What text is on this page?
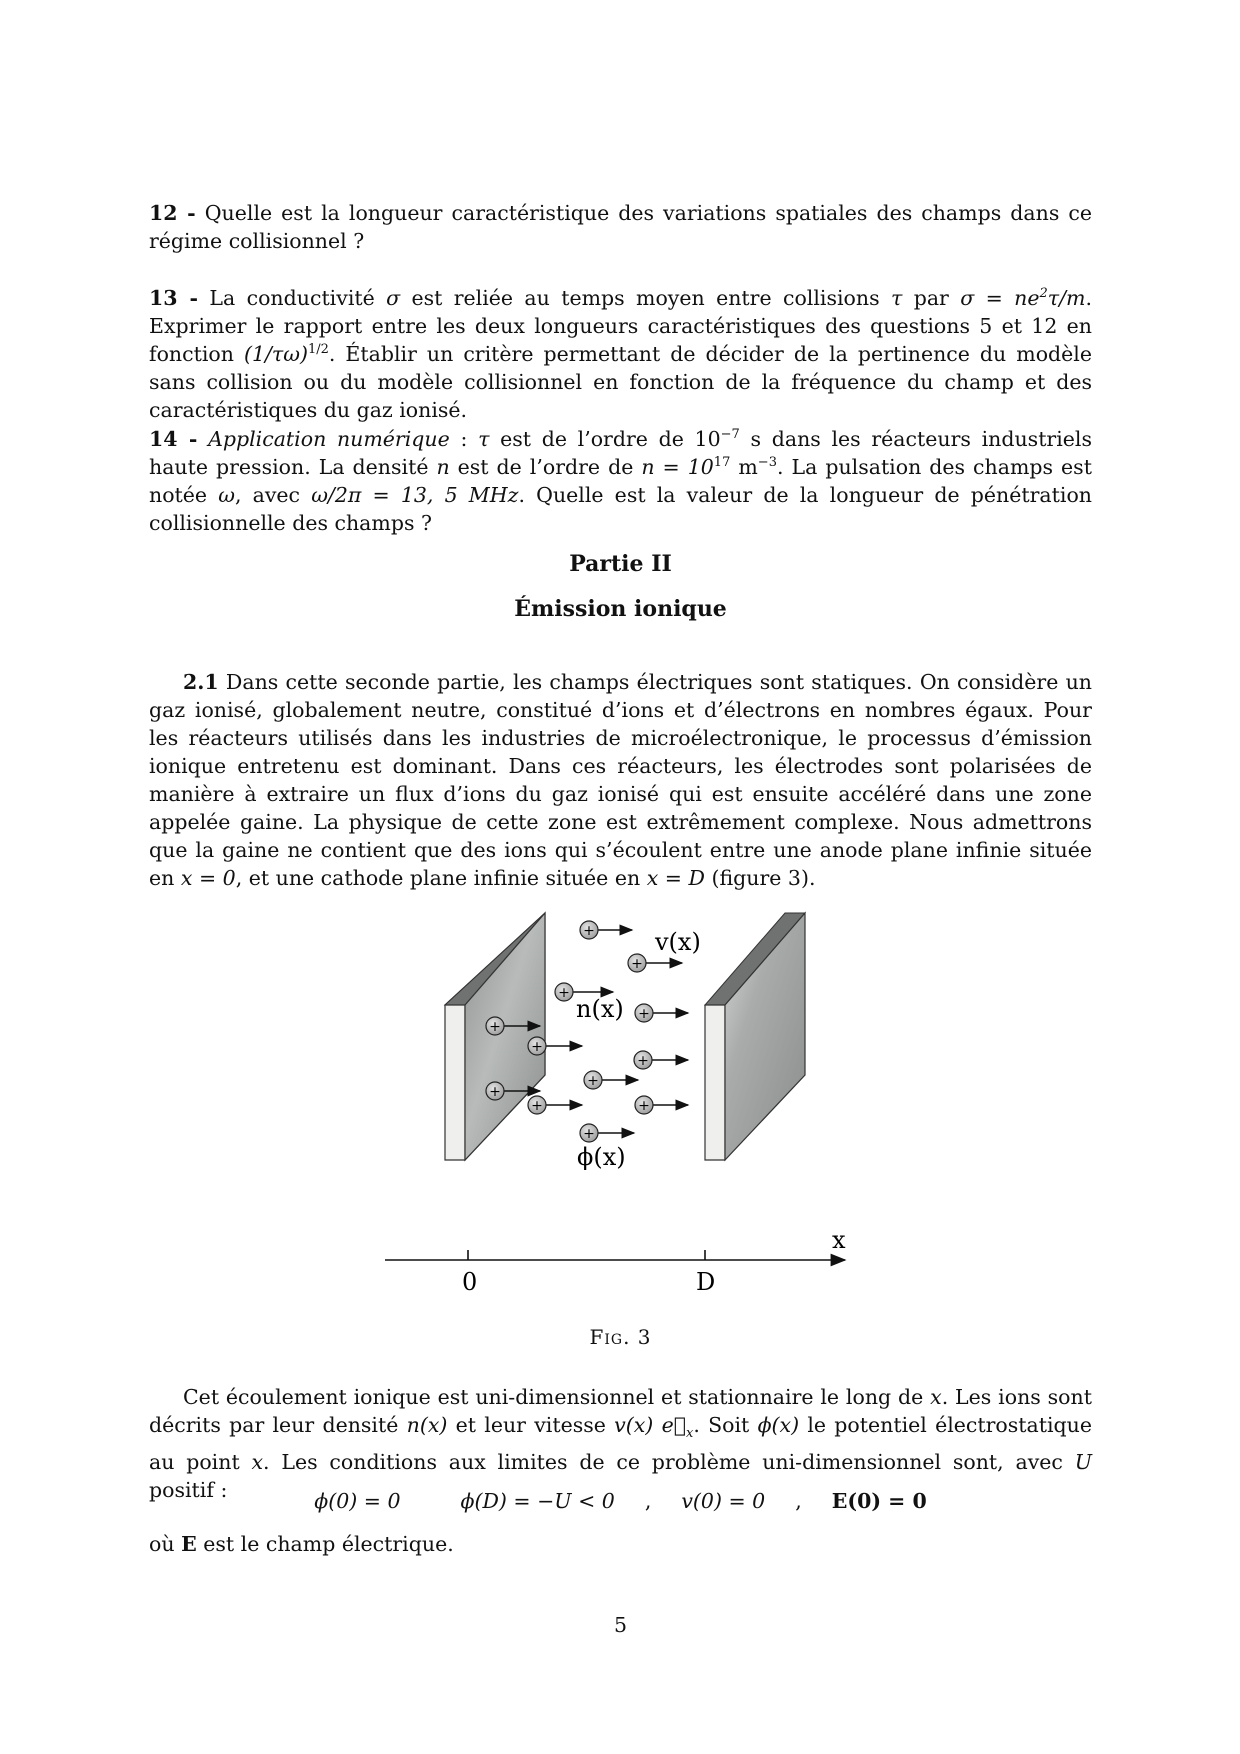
12 - Quelle est la longueur caractéristique des variations spatiales des champs dans ce régime collisionnel ?

13 - La conductivité σ est reliée au temps moyen entre collisions τ par $\sigma = ne^2\tau/m$. Exprimer le rapport entre les deux longueurs caractéristiques des questions 5 et 12 en fonction $(1/\tau\omega)^{1/2}$. Établir un critère permettant de décider de la pertinence du modèle sans collision ou du modèle collisionnel en fonction de la fréquence du champ et des caractéristiques du gaz ionisé.

14 - Application numérique : τ est de l’ordre de $10^{-7}$ s dans les réacteurs industriels haute pression. La densité n est de l’ordre de $n = 10^{17}$ $m^{-3}$. La pulsation des champs est notée ω, avec ω/2π = 13, 5 MHz. Quelle est la valeur de la longueur de pénétration collisionnelle des champs ?

Partie II

Émission ionique

2.1 Dans cette seconde partie, les champs électriques sont statiques. On considère un gaz ionisé, globalement neutre, constitué d’ions et d’électrons en nombres égaux. Pour les réacteurs utilisés dans les industries de microélectronique, le processus d’émission ionique entretenu est dominant. Dans ces réacteurs, les électrodes sont polarisées de manière à extraire un flux d’ions du gaz ionisé qui est ensuite accéléré dans une zone appelée gaine. La physique de cette zone est extrêmement complexe. Nous admettrons que la gaine ne contient que des ions qui s’écoulent entre une anode plane infinie située en x = 0, et une cathode plane infinie située en x = D (figure 3).

+
+
+
+
+
+
+
+
+
+	+
+
v(x)
n(x)
ϕ(x)
x
0	D

Fig. 3

Cet écoulement ionique est uni-dimensionnel et stationnaire le long de x. Les ions sont décrits par leur densité n(x) et leur vitesse v(x) $e⃗_x$. Soit ϕ(x) le potentiel électrostatique au point x. Les conditions aux limites de ce problème uni-dimensionnel sont, avec U positif :	ϕ(0) = 0	ϕ(D) = −U < 0 , v(0) = 0 , E(0) = 0

où E est le champ électrique.

5
